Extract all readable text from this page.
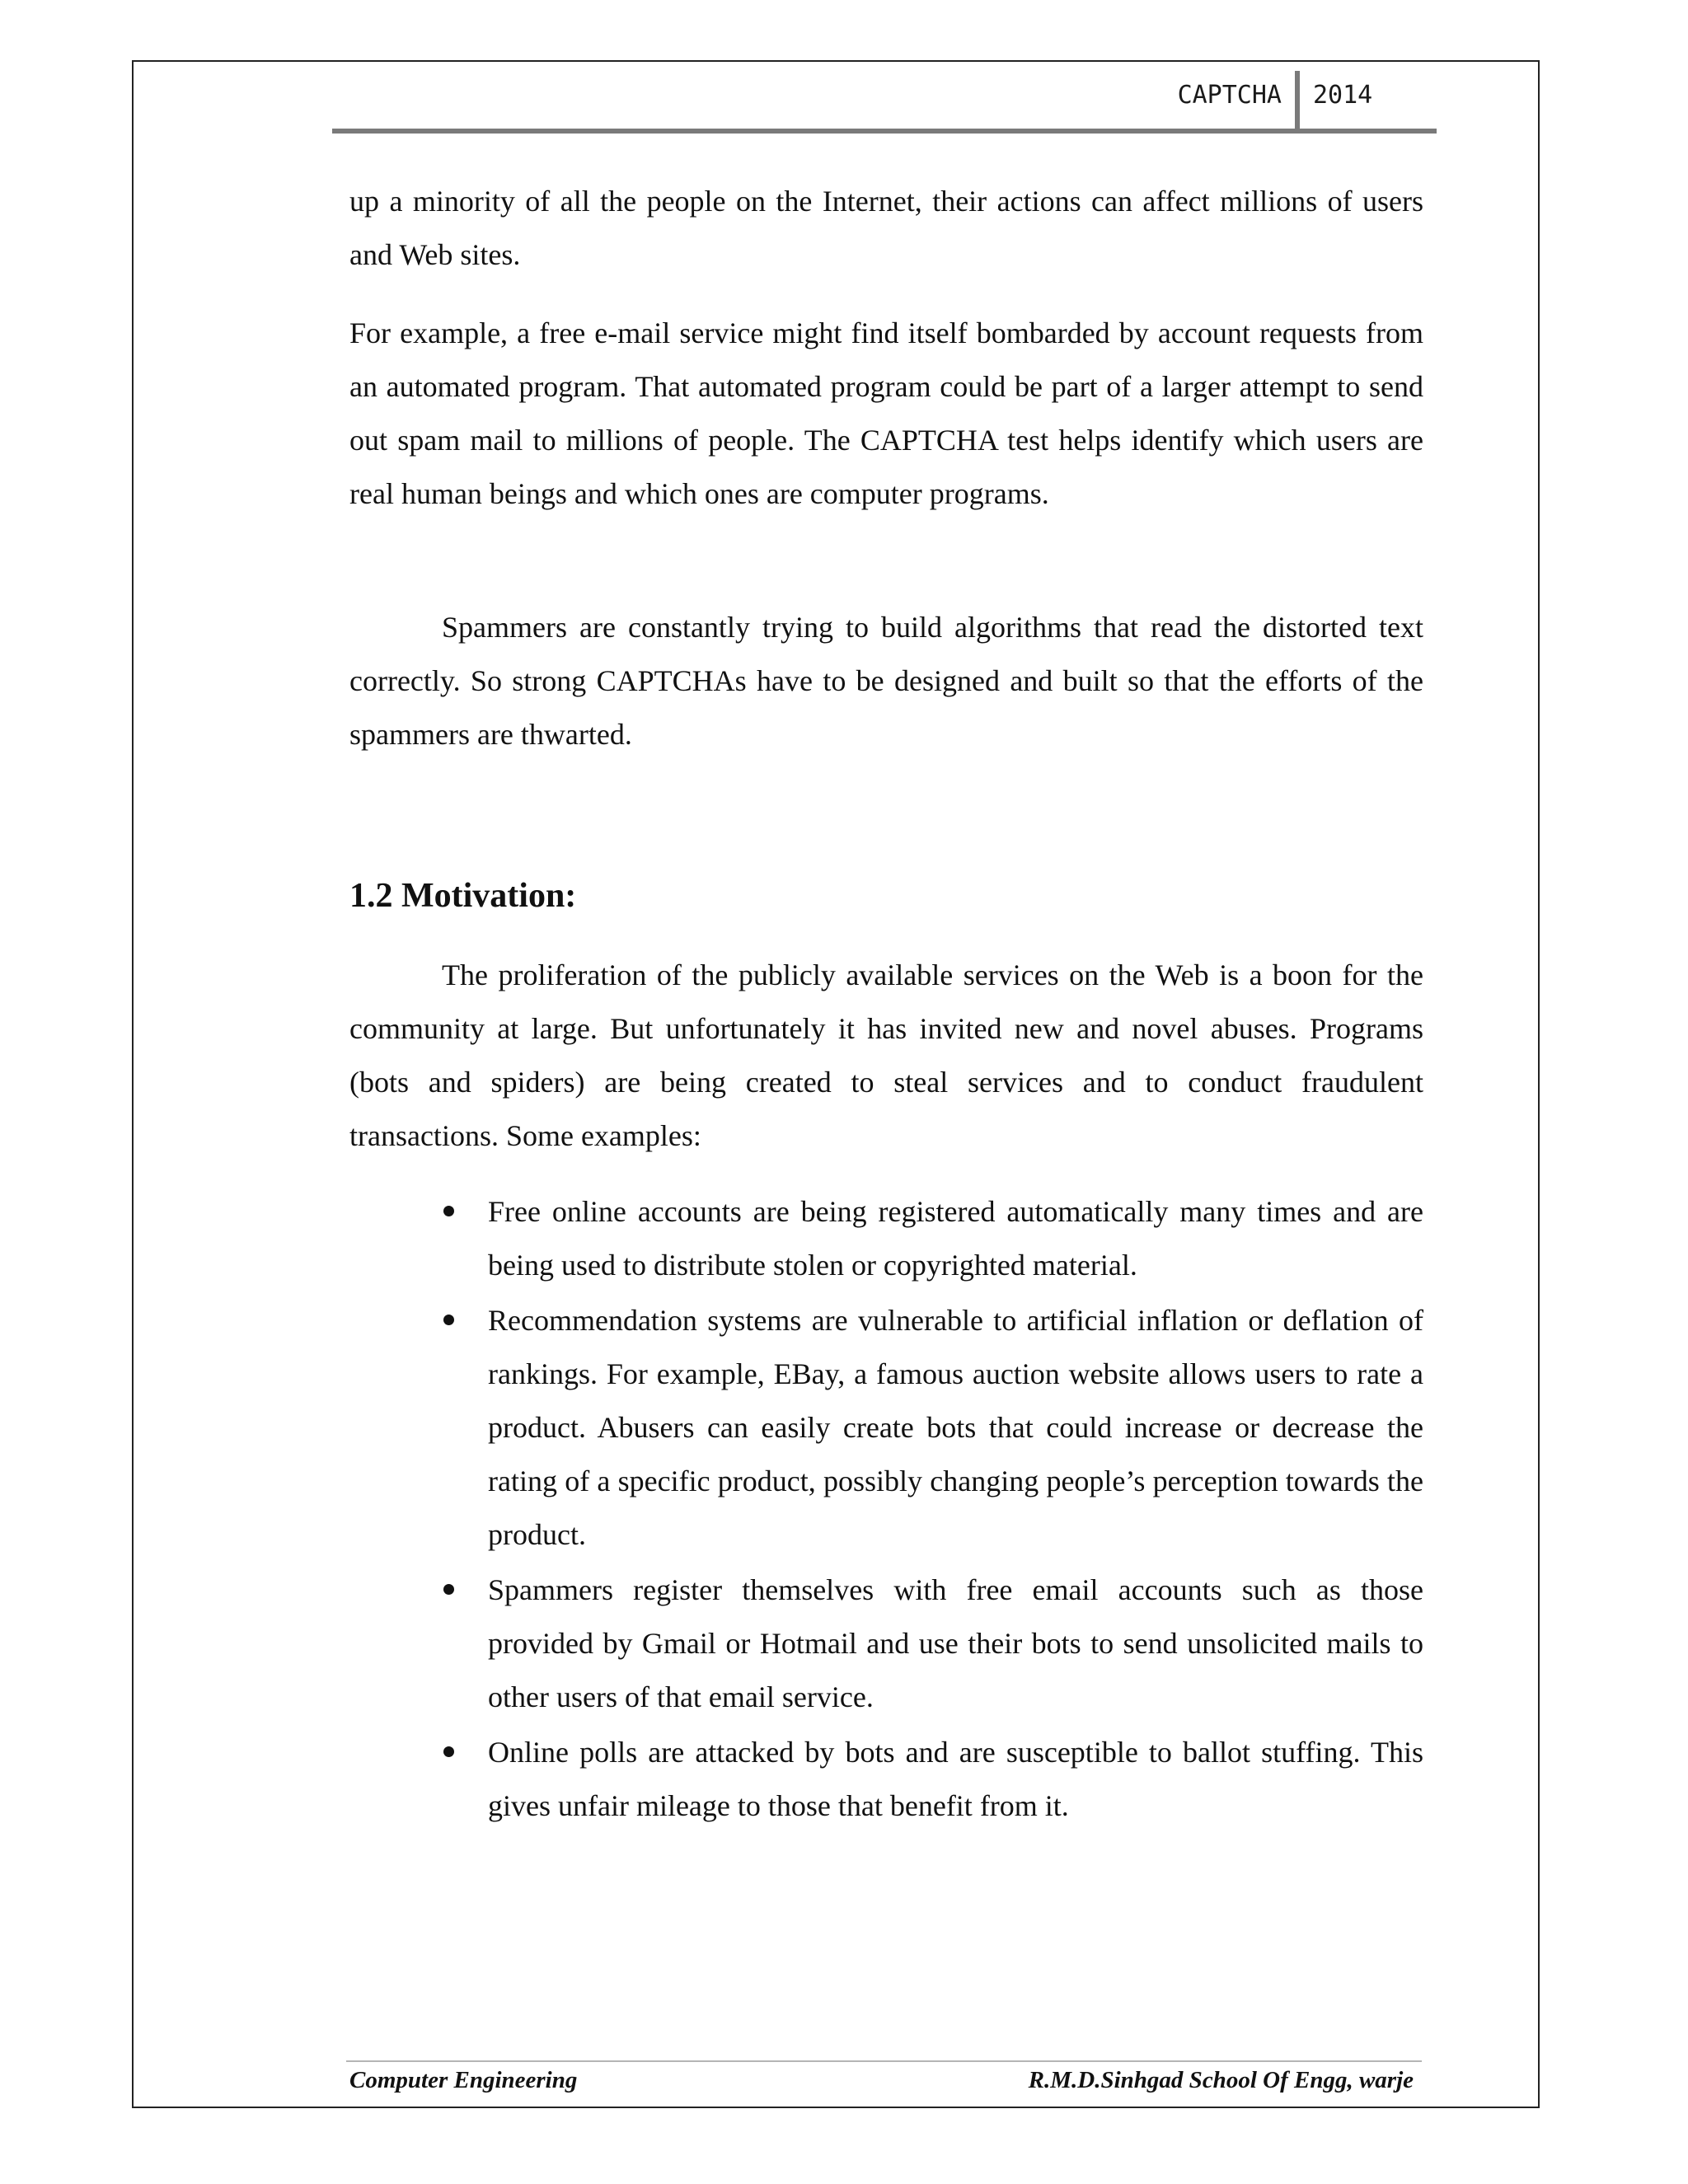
CAPTCHA 2014

up a minority of all the people on the Internet, their actions can affect millions of users and Web sites.

For example, a free e-mail service might find itself bombarded by account requests from an automated program. That automated program could be part of a larger attempt to send out spam mail to millions of people. The CAPTCHA test helps identify which users are real human beings and which ones are computer programs.

Spammers are constantly trying to build algorithms that read the distorted text correctly. So strong CAPTCHAs have to be designed and built so that the efforts of the spammers are thwarted.

1.2 Motivation:

The proliferation of the publicly available services on the Web is a boon for the community at large. But unfortunately it has invited new and novel abuses. Programs (bots and spiders) are being created to steal services and to conduct fraudulent transactions. Some examples:

Free online accounts are being registered automatically many times and are being used to distribute stolen or copyrighted material.
Recommendation systems are vulnerable to artificial inflation or deflation of rankings. For example, EBay, a famous auction website allows users to rate a product. Abusers can easily create bots that could increase or decrease the rating of a specific product, possibly changing people’s perception towards the product.
Spammers register themselves with free email accounts such as those provided by Gmail or Hotmail and use their bots to send unsolicited mails to other users of that email service.
Online polls are attacked by bots and are susceptible to ballot stuffing. This gives unfair mileage to those that benefit from it.
Computer Engineering	R.M.D.Sinhgad School Of Engg, warje
